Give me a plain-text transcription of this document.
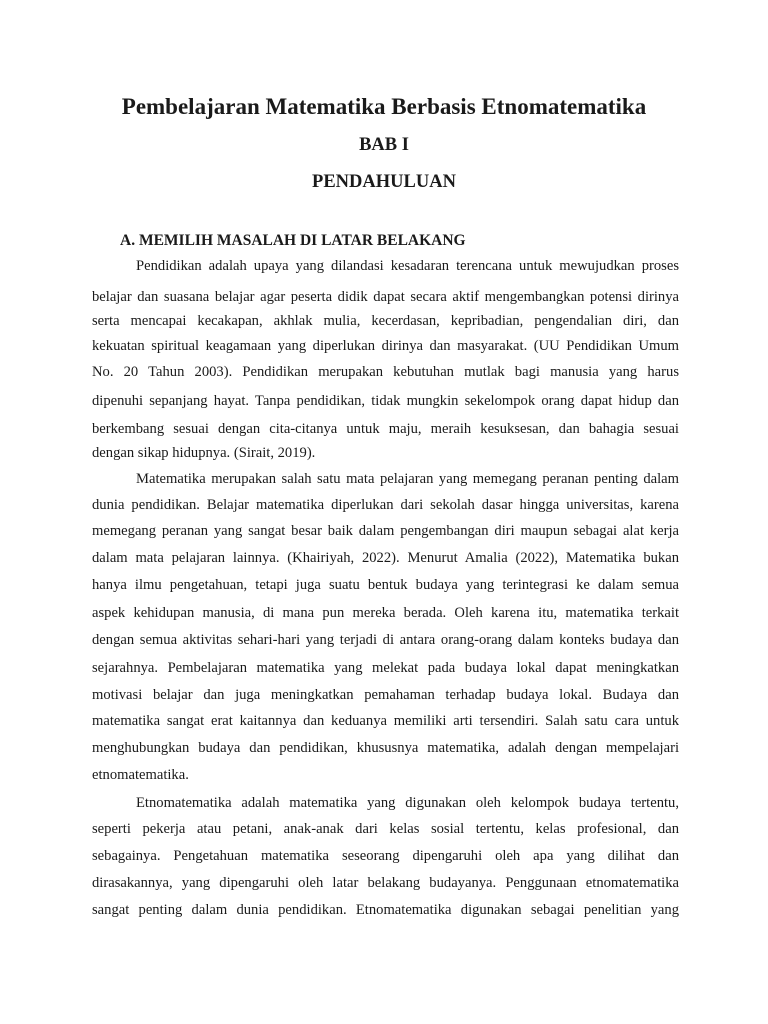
Pembelajaran Matematika Berbasis Etnomatematika
BAB I
PENDAHULUAN
A. MEMILIH MASALAH DI LATAR BELAKANG

Pendidikan adalah upaya yang dilandasi kesadaran terencana untuk mewujudkan proses

belajar dan suasana belajar agar peserta didik dapat secara aktif mengembangkan potensi dirinya

serta mencapai kecakapan, akhlak mulia, kecerdasan, kepribadian, pengendalian diri, dan

kekuatan spiritual keagamaan yang diperlukan dirinya dan masyarakat. (UU Pendidikan Umum

No. 20 Tahun 2003). Pendidikan merupakan kebutuhan mutlak bagi manusia yang harus

dipenuhi sepanjang hayat. Tanpa pendidikan, tidak mungkin sekelompok orang dapat hidup dan

berkembang sesuai dengan cita-citanya untuk maju, meraih kesuksesan, dan bahagia sesuai

dengan sikap hidupnya. (Sirait, 2019).

Matematika merupakan salah satu mata pelajaran yang memegang peranan penting dalam

dunia pendidikan. Belajar matematika diperlukan dari sekolah dasar hingga universitas, karena

memegang peranan yang sangat besar baik dalam pengembangan diri maupun sebagai alat kerja

dalam mata pelajaran lainnya. (Khairiyah, 2022). Menurut Amalia (2022), Matematika bukan

hanya ilmu pengetahuan, tetapi juga suatu bentuk budaya yang terintegrasi ke dalam semua

aspek kehidupan manusia, di mana pun mereka berada. Oleh karena itu, matematika terkait

dengan semua aktivitas sehari-hari yang terjadi di antara orang-orang dalam konteks budaya dan

sejarahnya. Pembelajaran matematika yang melekat pada budaya lokal dapat meningkatkan

motivasi belajar dan juga meningkatkan pemahaman terhadap budaya lokal. Budaya dan

matematika sangat erat kaitannya dan keduanya memiliki arti tersendiri. Salah satu cara untuk

menghubungkan budaya dan pendidikan, khususnya matematika, adalah dengan mempelajari

etnomatematika.

Etnomatematika adalah matematika yang digunakan oleh kelompok budaya tertentu,

seperti pekerja atau petani, anak-anak dari kelas sosial tertentu, kelas profesional, dan

sebagainya. Pengetahuan matematika seseorang dipengaruhi oleh apa yang dilihat dan

dirasakannya, yang dipengaruhi oleh latar belakang budayanya. Penggunaan etnomatematika

sangat penting dalam dunia pendidikan. Etnomatematika digunakan sebagai penelitian yang
